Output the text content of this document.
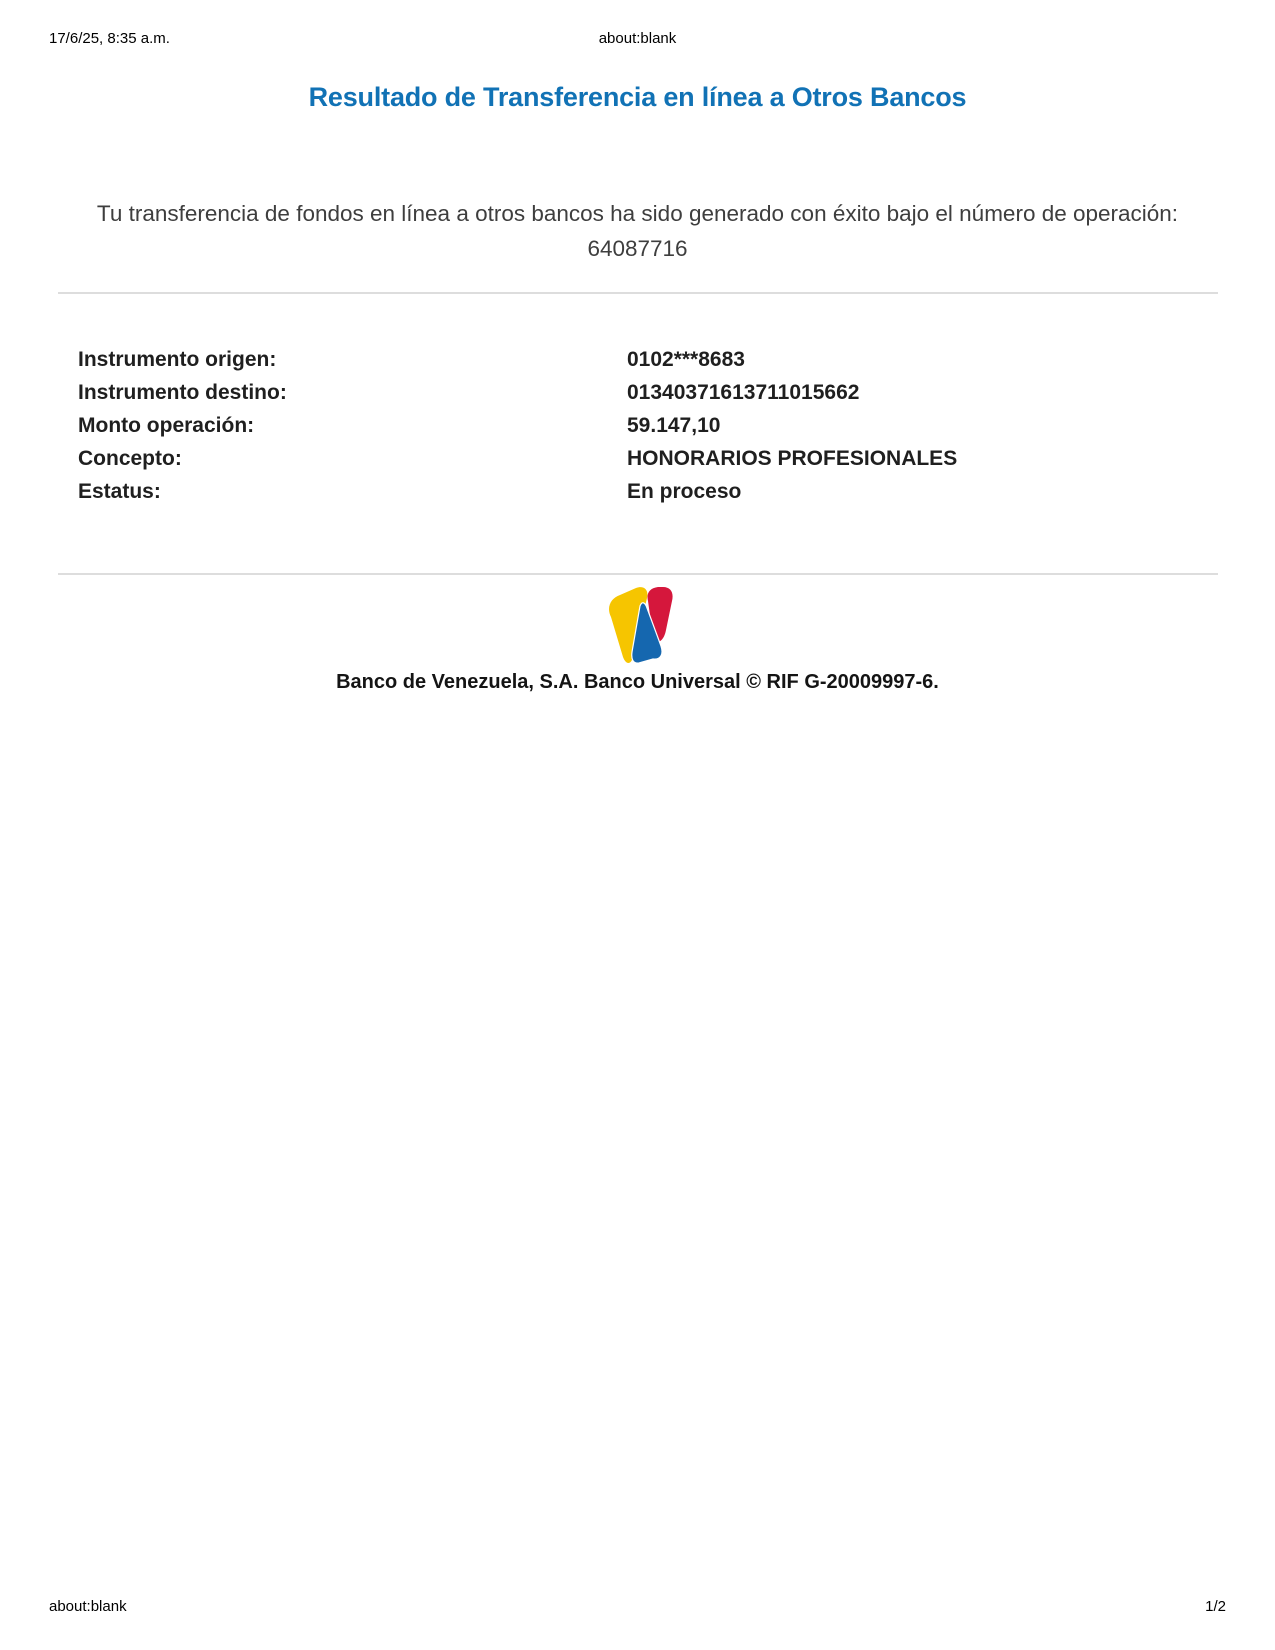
17/6/25, 8:35 a.m.	about:blank
Resultado de Transferencia en línea a Otros Bancos

Tu transferencia de fondos en línea a otros bancos ha sido generado con éxito bajo el número de operación: 64087716

Instrumento origen:	0102***8683
Instrumento destino:	01340371613711015662
Monto operación:	59.147,10
Concepto:	HONORARIOS PROFESIONALES
Estatus:	En proceso
Banco de Venezuela, S.A. Banco Universal © RIF G-20009997-6.
about:blank	1/2
